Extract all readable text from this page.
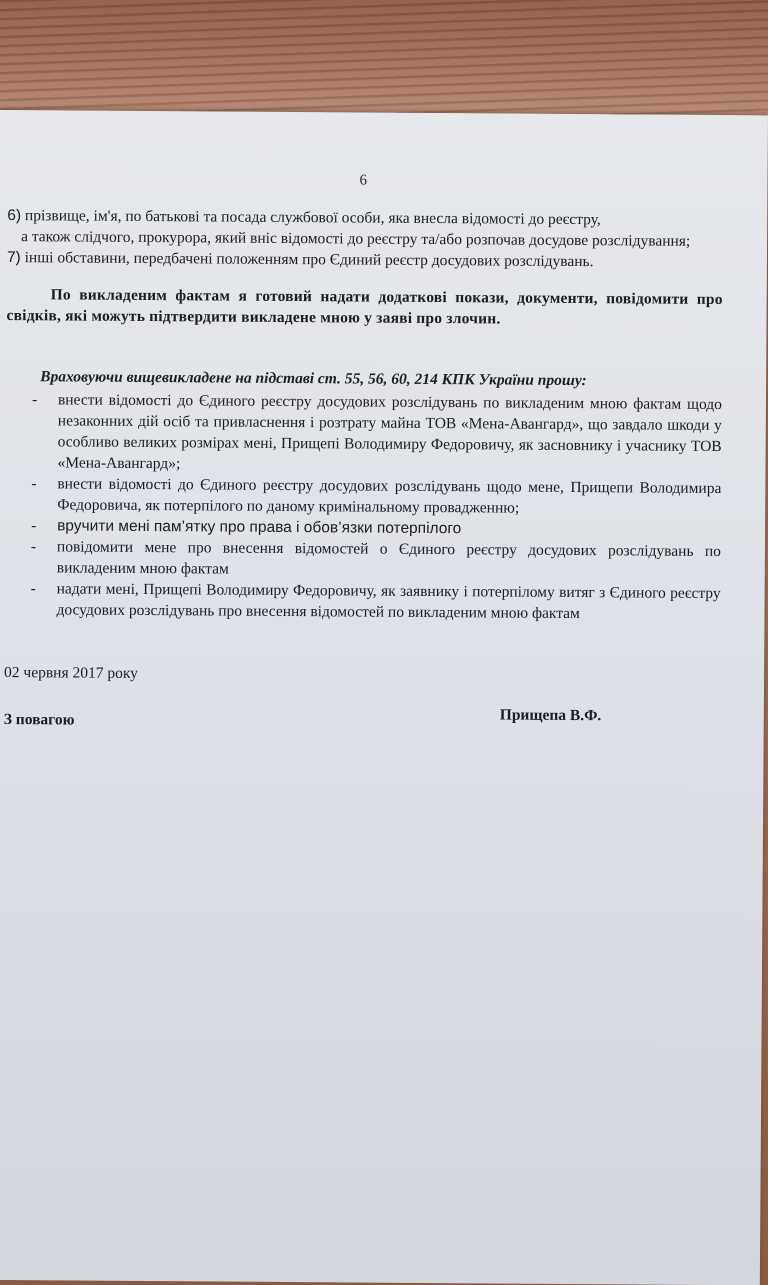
6
6) прізвище, ім'я, по батькові та посада службової особи, яка внесла відомості до реєстру,
а також слідчого, прокурора, який вніс відомості до реєстру та/або розпочав досудове розслідування;
7) інші обставини, передбачені положенням про Єдиний реєстр досудових розслідувань.
По викладеним фактам я готовий надати додаткові покази, документи, повідомити про свідків, які можуть підтвердити викладене мною у заяві про злочин.
Враховуючи вищевикладене на підставі ст. 55, 56, 60, 214 КПК України прошу:
- внести відомості до Єдиного реєстру досудових розслідувань по викладеним мною фактам щодо незаконних дій осіб та привласнення і розтрату майна ТОВ «Мена-Авангард», що завдало шкоди у особливо великих розмірах мені, Прищепі Володимиру Федоровичу, як засновнику і учаснику ТОВ «Мена-Авангард»;
- внести відомості до Єдиного реєстру досудових розслідувань щодо мене, Прищепи Володимира Федоровича, як потерпілого по даному кримінальному провадженню;
- вручити мені пам’ятку про права і обов’язки потерпілого
- повідомити мене про внесення відомостей о Єдиного реєстру досудових розслідувань по викладеним мною фактам
- надати мені, Прищепі Володимиру Федоровичу, як заявнику і потерпілому витяг з Єдиного реєстру досудових розслідувань про внесення відомостей по викладеним мною фактам
02 червня 2017 року
З повагою	Прищепа В.Ф.
